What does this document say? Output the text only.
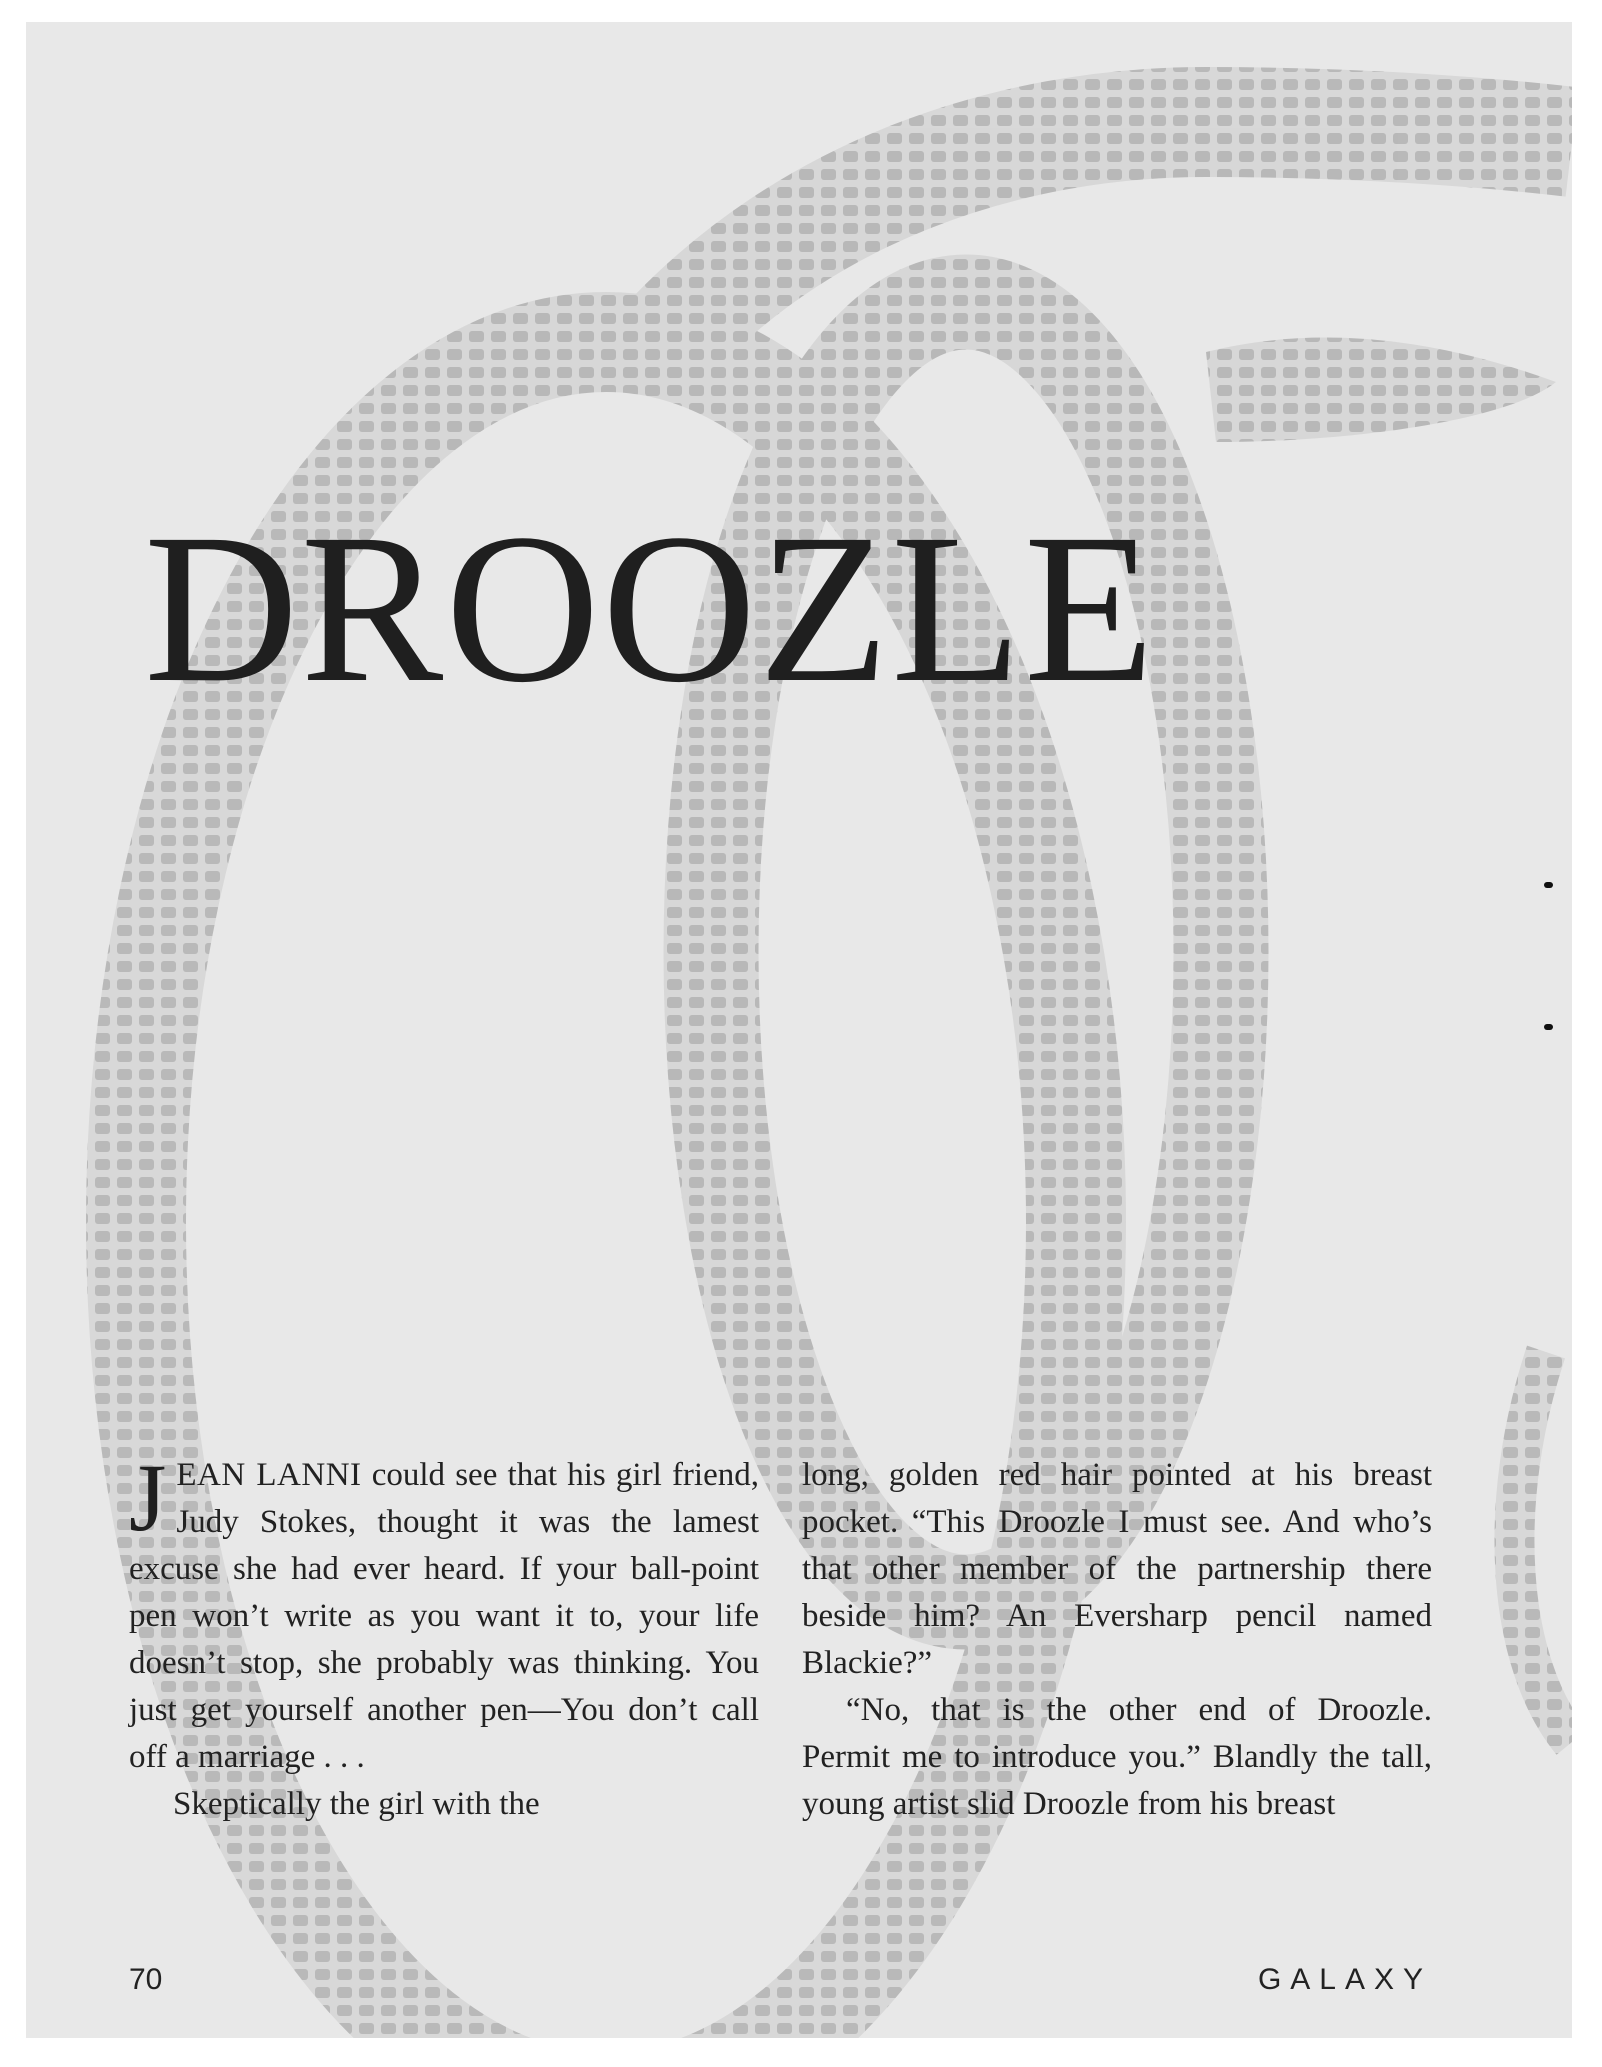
DROOZLE

JEAN LANNI could see that his girl friend, Judy Stokes, thought it was the lamest excuse she had ever heard. If your ball-point pen won’t write as you want it to, your life doesn’t stop, she probably was thinking. You just get yourself another pen—You don’t call off a marriage . . .

Skeptically the girl with the

long, golden red hair pointed at his breast pocket. “This Droozle I must see. And who’s that other member of the partnership there beside him? An Eversharp pencil named Blackie?”

“No, that is the other end of Droozle. Permit me to introduce you.” Blandly the tall, young artist slid Droozle from his breast

70	GALAXY
